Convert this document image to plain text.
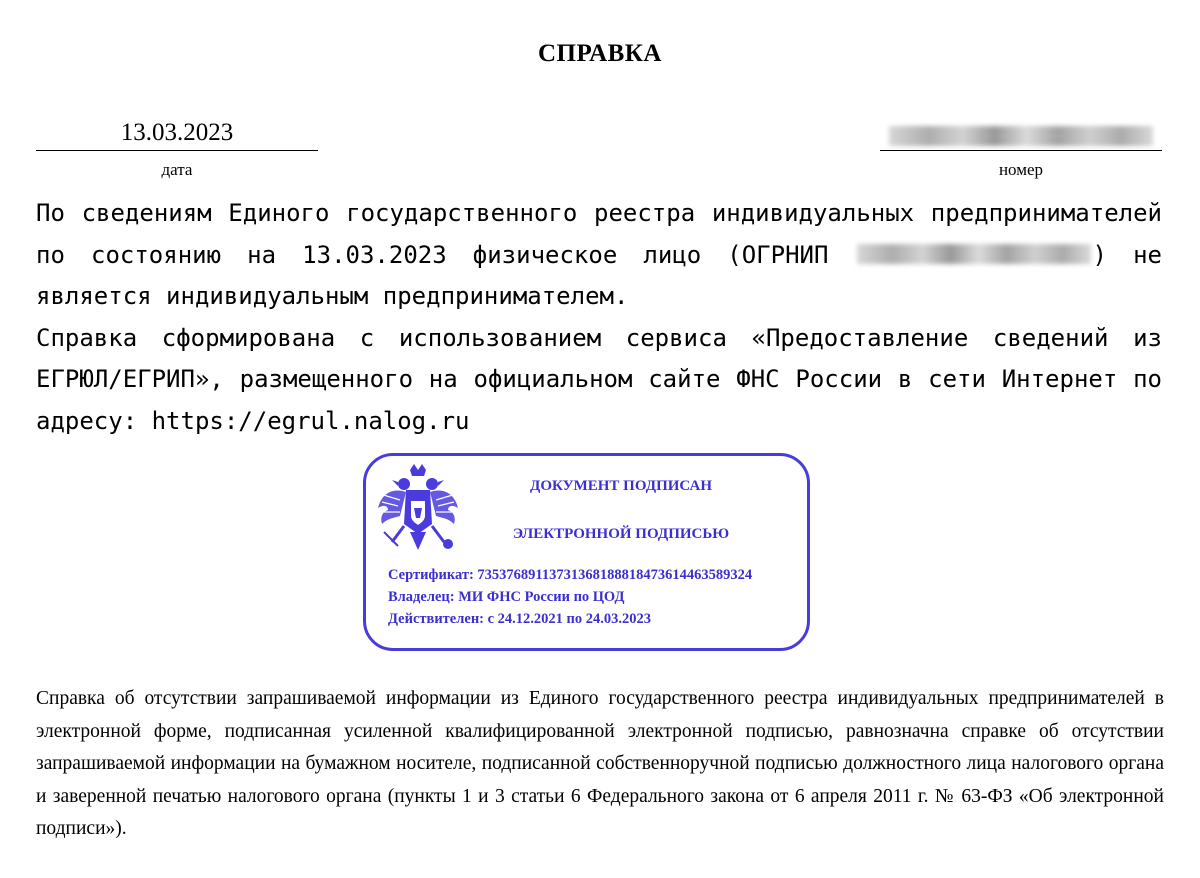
СПРАВКА
13.03.2023
дата	номер

По сведениям Единого государственного реестра индивидуальных предпринимателей по состоянию на 13.03.2023 физическое лицо (ОГРНИП	) не является индивидуальным предпринимателем.

Справка сформирована с использованием сервиса «Предоставление сведений из ЕГРЮЛ/ЕГРИП», размещенного на официальном сайте ФНС России в сети Интернет по адресу: https://egrul.nalog.ru

ДОКУМЕНТ ПОДПИСАН
ЭЛЕКТРОННОЙ ПОДПИСЬЮ
Сертификат: 73537689113731368188818473614463589324
Владелец: МИ ФНС России по ЦОД
Действителен: с 24.12.2021 по 24.03.2023
Справка об отсутствии запрашиваемой информации из Единого государственного реестра индивидуальных предпринимателей в электронной форме, подписанная усиленной квалифицированной электронной подписью, равнозначна справке об отсутствии запрашиваемой информации на бумажном носителе, подписанной собственноручной подписью должностного лица налогового органа и заверенной печатью налогового органа (пункты 1 и 3 статьи 6 Федерального закона от 6 апреля 2011 г. № 63-ФЗ «Об электронной подписи»).
